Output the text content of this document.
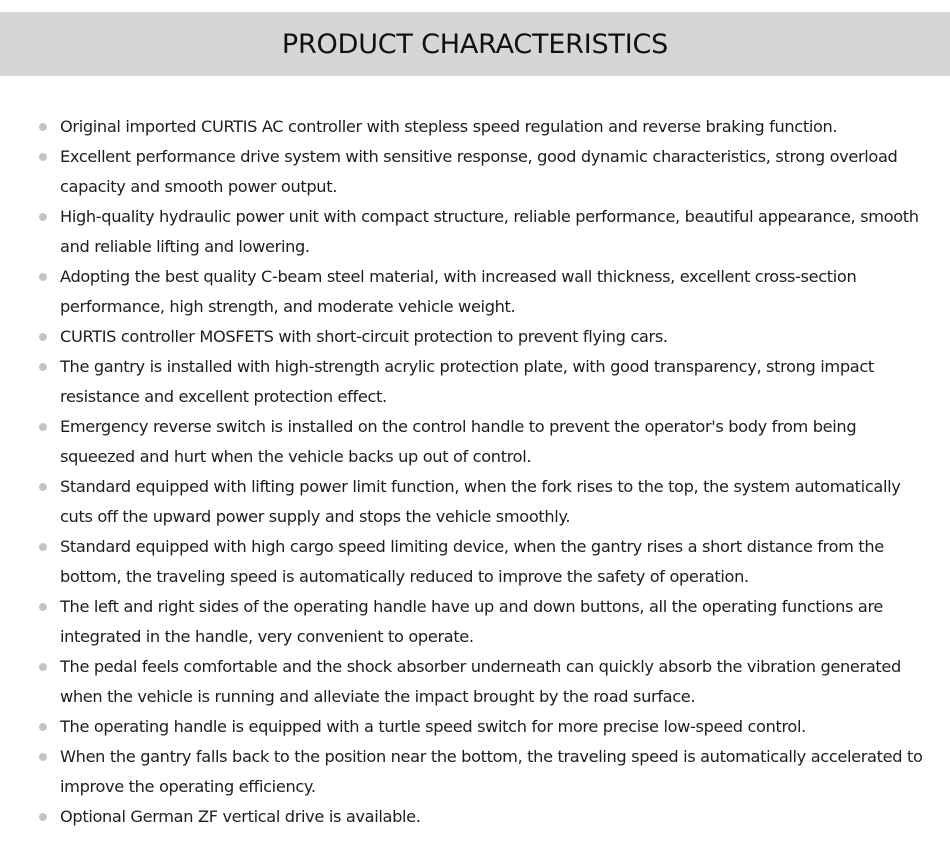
PRODUCT CHARACTERISTICS
Original imported CURTIS AC controller with stepless speed regulation and reverse braking function.
Excellent performance drive system with sensitive response, good dynamic characteristics, strong overload capacity and smooth power output.
High-quality hydraulic power unit with compact structure, reliable performance, beautiful appearance, smooth and reliable lifting and lowering.
Adopting the best quality C-beam steel material, with increased wall thickness, excellent cross-section performance, high strength, and moderate vehicle weight.
CURTIS controller MOSFETS with short-circuit protection to prevent flying cars.
The gantry is installed with high-strength acrylic protection plate, with good transparency, strong impact resistance and excellent protection effect.
Emergency reverse switch is installed on the control handle to prevent the operator's body from being squeezed and hurt when the vehicle backs up out of control.
Standard equipped with lifting power limit function, when the fork rises to the top, the system automatically cuts off the upward power supply and stops the vehicle smoothly.
Standard equipped with high cargo speed limiting device, when the gantry rises a short distance from the bottom, the traveling speed is automatically reduced to improve the safety of operation.
The left and right sides of the operating handle have up and down buttons, all the operating functions are integrated in the handle, very convenient to operate.
The pedal feels comfortable and the shock absorber underneath can quickly absorb the vibration generated when the vehicle is running and alleviate the impact brought by the road surface.
The operating handle is equipped with a turtle speed switch for more precise low-speed control.
When the gantry falls back to the position near the bottom, the traveling speed is automatically accelerated to improve the operating efficiency.
Optional German ZF vertical drive is available.
